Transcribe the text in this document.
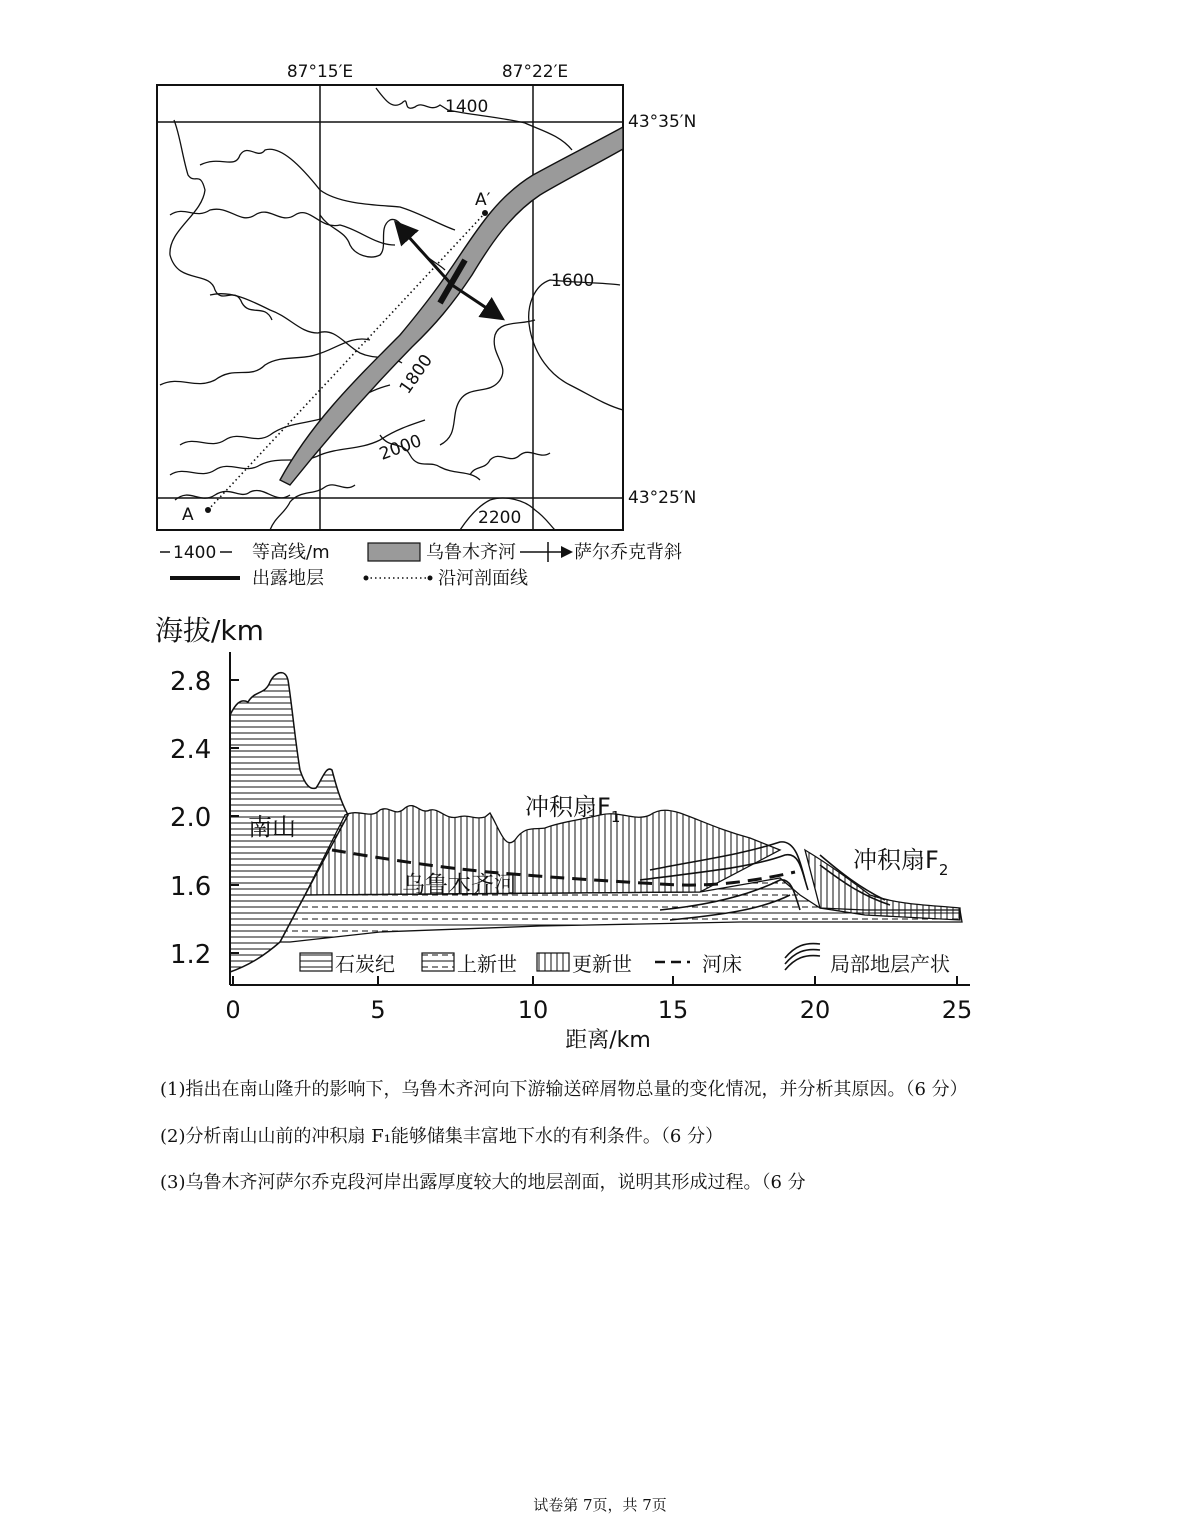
87°15′E	87°22′E
43°35′N
43°25′N
A
A′
1400
1600
1800
2000
2200
1400 等高线/m	乌鲁木齐河	萨尔乔克背斜
出露地层	沿河剖面线
海拔/km
2.8
2.4
2.0
1.6
1.2
0	5	10	15	20	25
距离/km
南山
冲积扇$F_1$
冲积扇$F_2$
乌鲁木齐河
石炭纪	上新世	更新世	河床	局部地层产状
(1)指出在南山隆升的影响下，乌鲁木齐河向下游输送碎屑物总量的变化情况，并分析其原因。（6 分）
(2)分析南山山前的冲积扇 F₁能够储集丰富地下水的有利条件。（6 分）
(3)乌鲁木齐河萨尔乔克段河岸出露厚度较大的地层剖面，说明其形成过程。（6 分
试卷第 7页，共 7页
